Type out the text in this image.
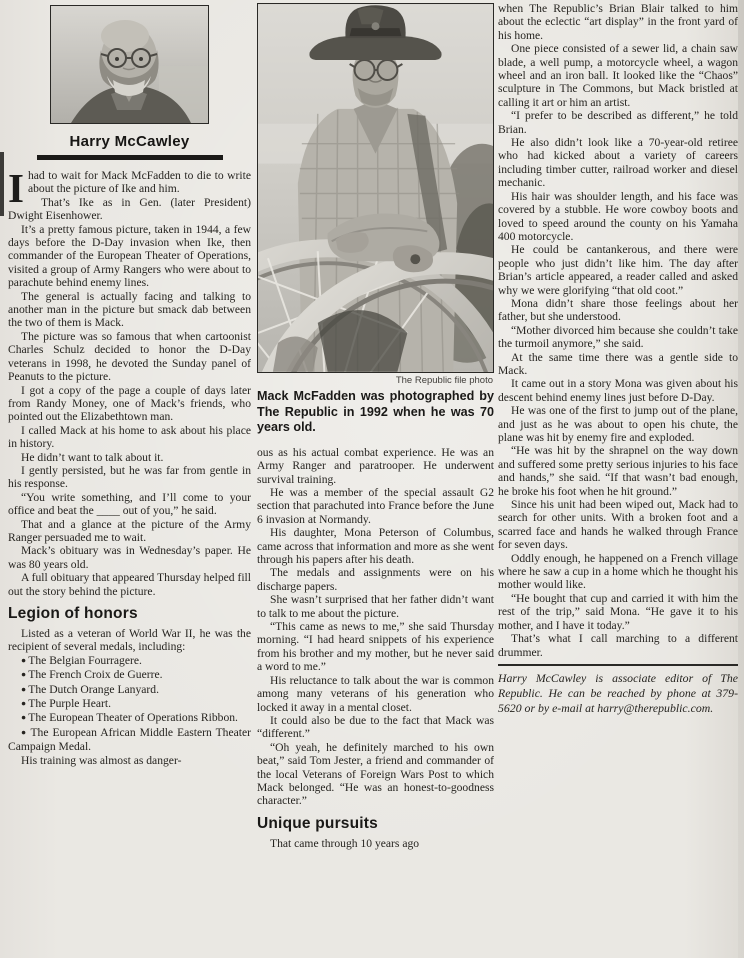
Harry McCawley

Ihad to wait for Mack McFadden to die to write about the picture of Ike and him.

That’s Ike as in Gen. (later President) Dwight Eisenhower.

It’s a pretty famous picture, taken in 1944, a few days before the D-Day invasion when Ike, then commander of the European Theater of Operations, visited a group of Army Rangers who were about to parachute behind enemy lines.

The general is actually facing and talking to another man in the picture but smack dab between the two of them is Mack.

The picture was so famous that when cartoonist Charles Schulz decided to honor the D-Day veterans in 1998, he devoted the Sunday panel of Peanuts to the picture.

I got a copy of the page a couple of days later from Randy Money, one of Mack’s friends, who pointed out the Elizabethtown man.

I called Mack at his home to ask about his place in history.

He didn’t want to talk about it.

I gently persisted, but he was far from gentle in his response.

“You write something, and I’ll come to your office and beat the ____ out of you,” he said.

That and a glance at the picture of the Army Ranger persuaded me to wait.

Mack’s obituary was in Wednesday’s paper. He was 80 years old.

A full obituary that appeared Thursday helped fill out the story behind the picture.

Legion of honors

Listed as a veteran of World War II, he was the recipient of several medals, including:

● The Belgian Fourragere.
● The French Croix de Guerre.
● The Dutch Orange Lanyard.
● The Purple Heart.
● The European Theater of Operations Ribbon.
● The European African Middle Eastern Theater Campaign Medal.

His training was almost as danger-

The Republic file photo
Mack McFadden was photographed by The Republic in 1992 when he was 70 years old.

ous as his actual combat experience. He was an Army Ranger and paratrooper. He underwent survival training.

He was a member of the special assault G2 section that parachuted into France before the June 6 invasion at Normandy.

His daughter, Mona Peterson of Columbus, came across that information and more as she went through his papers after his death.

The medals and assignments were on his discharge papers.

She wasn’t surprised that her father didn’t want to talk to me about the picture.

“This came as news to me,” she said Thursday morning. “I had heard snippets of his experience from his brother and my mother, but he never said a word to me.”

His reluctance to talk about the war is common among many veterans of his generation who locked it away in a mental closet.

It could also be due to the fact that Mack was “different.”

“Oh yeah, he definitely marched to his own beat,” said Tom Jester, a friend and commander of the local Veterans of Foreign Wars Post to which Mack belonged. “He was an honest-to-goodness character.”

Unique pursuits

That came through 10 years ago

when The Republic’s Brian Blair talked to him about the eclectic “art display” in the front yard of his home.

One piece consisted of a sewer lid, a chain saw blade, a well pump, a motorcycle wheel, a wagon wheel and an iron ball. It looked like the “Chaos” sculpture in The Commons, but Mack bristled at calling it art or him an artist.

“I prefer to be described as different,” he told Brian.

He also didn’t look like a 70-year-old retiree who had kicked about a variety of careers including timber cutter, railroad worker and diesel mechanic.

His hair was shoulder length, and his face was covered by a stubble. He wore cowboy boots and loved to speed around the county on his Yamaha 400 motorcycle.

He could be cantankerous, and there were people who just didn’t like him. The day after Brian’s article appeared, a reader called and asked why we were glorifying “that old coot.”

Mona didn’t share those feelings about her father, but she understood.

“Mother divorced him because she couldn’t take the turmoil anymore,” she said.

At the same time there was a gentle side to Mack.

It came out in a story Mona was given about his descent behind enemy lines just before D-Day.

He was one of the first to jump out of the plane, and just as he was about to open his chute, the plane was hit by enemy fire and exploded.

“He was hit by the shrapnel on the way down and suffered some pretty serious injuries to his face and hands,” she said. “If that wasn’t bad enough, he broke his foot when he hit ground.”

Since his unit had been wiped out, Mack had to search for other units. With a broken foot and a scarred face and hands he walked through France for seven days.

Oddly enough, he happened on a French village where he saw a cup in a home which he thought his mother would like.

“He bought that cup and carried it with him the rest of the trip,” said Mona. “He gave it to his mother, and I have it today.”

That’s what I call marching to a different drummer.

Harry McCawley is associate editor of The Republic. He can be reached by phone at 379-5620 or by e-mail at harry@therepublic.com.
